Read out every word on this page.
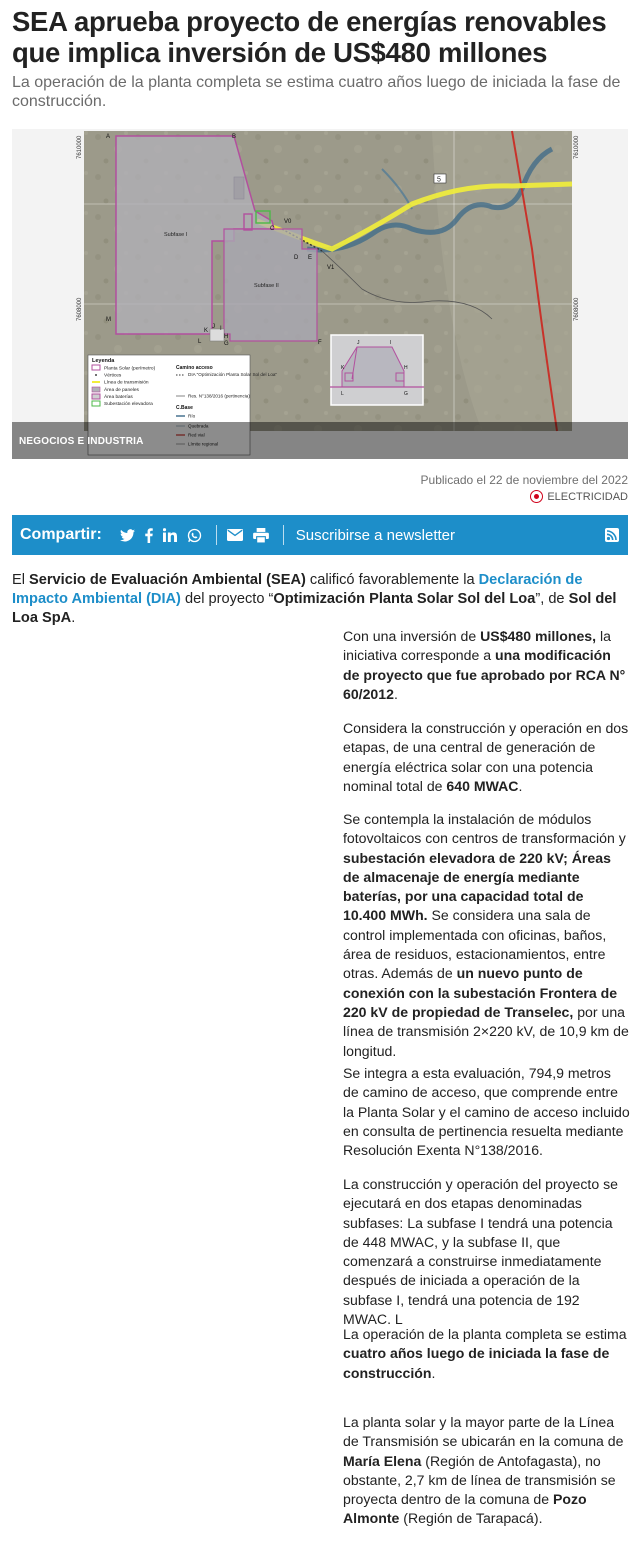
SEA aprueba proyecto de energías renovables que implica inversión de US$480 millones
La operación de la planta completa se estima cuatro años luego de iniciada la fase de construcción.
7610000
7608000
7610000
7608000
5
A	B
C
V0
D E
V1
M
K
J I
L
H
G	F
Subfase I
Subfase II
J	I
K	H
L	G
Leyenda
Planta Solar (perímetro)
Vértices
Línea de transmisión
Área de paneles
Área baterías
Subestación elevadora
Camino acceso
DIA "Optimización Planta Solar Sol del Loa"
Res. N°138/2016 (pertinencia)
C.Base
Río
Quebrada
Red vial
Límite regional
NEGOCIOS E INDUSTRIA
Publicado el 22 de noviembre del 2022
ELECTRICIDAD
Compartir:	Suscribirse a newsletter

El Servicio de Evaluación Ambiental (SEA) calificó favorablemente la Declaración de Impacto Ambiental (DIA) del proyecto “Optimización Planta Solar Sol del Loa”, de Sol del Loa SpA.

Con una inversión de US$480 millones, la iniciativa corresponde a una modificación de proyecto que fue aprobado por RCA N° 60/2012.

Considera la construcción y operación en dos etapas, de una central de generación de energía eléctrica solar con una potencia nominal total de 640 MWAC.

Se contempla la instalación de módulos fotovoltaicos con centros de transformación y subestación elevadora de 220 kV; Áreas de almacenaje de energía mediante baterías, por una capacidad total de 10.400 MWh. Se considera una sala de control implementada con oficinas, baños, área de residuos, estacionamientos, entre otras. Además de un nuevo punto de conexión con la subestación Frontera de 220 kV de propiedad de Transelec, por una línea de transmisión 2×220 kV, de 10,9 km de longitud.

Se integra a esta evaluación, 794,9 metros de camino de acceso, que comprende entre la Planta Solar y el camino de acceso incluido en consulta de pertinencia resuelta mediante Resolución Exenta N°138/2016.

La construcción y operación del proyecto se ejecutará en dos etapas denominadas subfases: La subfase I tendrá una potencia de 448 MWAC, y la subfase II, que comenzará a construirse inmediatamente después de iniciada a operación de la subfase I, tendrá una potencia de 192 MWAC. L

La operación de la planta completa se estima cuatro años luego de iniciada la fase de construcción.

La planta solar y la mayor parte de la Línea de Transmisión se ubicarán en la comuna de María Elena (Región de Antofagasta), no obstante, 2,7 km de línea de transmisión se proyecta dentro de la comuna de Pozo Almonte (Región de Tarapacá).
